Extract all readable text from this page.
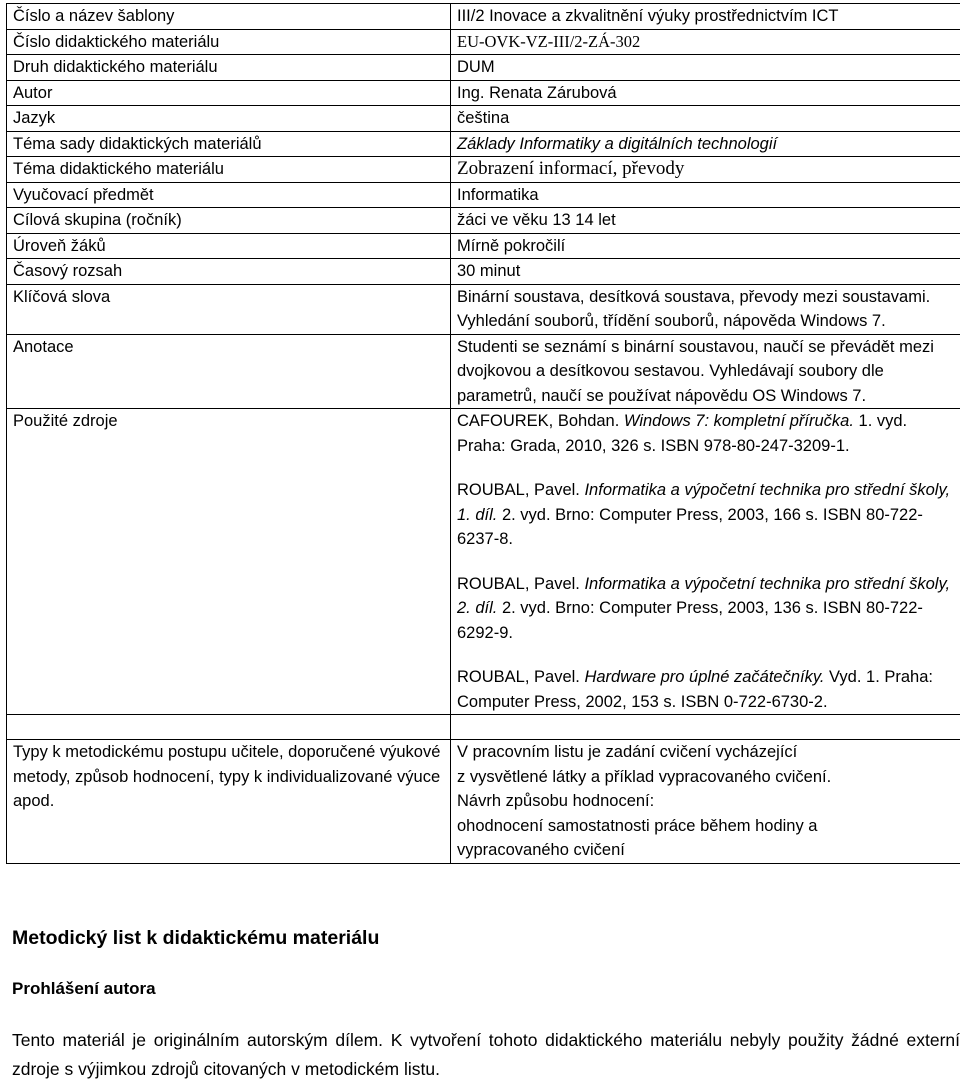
Číslo a název šablony	III/2 Inovace a zkvalitnění výuky prostřednictvím ICT
Číslo didaktického materiálu	EU-OVK-VZ-III/2-ZÁ-302
Druh didaktického materiálu	DUM
Autor	Ing. Renata Zárubová
Jazyk	čeština
Téma sady didaktických materiálů	Základy Informatiky a digitálních technologií
Téma didaktického materiálu	Zobrazení informací, převody
Vyučovací předmět	Informatika
Cílová skupina (ročník)	žáci ve věku 13 14 let
Úroveň žáků	Mírně pokročilí
Časový rozsah	30 minut
Klíčová slova	Binární soustava, desítková soustava, převody mezi soustavami. Vyhledání souborů, třídění souborů, nápověda Windows 7.
Anotace	Studenti se seznámí s binární soustavou, naučí se převádět mezi dvojkovou a desítkovou sestavou. Vyhledávají soubory dle parametrů, naučí se používat nápovědu OS Windows 7.
Použité zdroje	CAFOUREK, Bohdan. Windows 7: kompletní příručka. 1. vyd. Praha: Grada, 2010, 326 s. ISBN 978-80-247-3209-1.
ROUBAL, Pavel. Informatika a výpočetní technika pro střední školy, 1. díl. 2. vyd. Brno: Computer Press, 2003, 166 s. ISBN 80-722-6237-8.
ROUBAL, Pavel. Informatika a výpočetní technika pro střední školy, 2. díl. 2. vyd. Brno: Computer Press, 2003, 136 s. ISBN 80-722-6292-9.
ROUBAL, Pavel. Hardware pro úplné začátečníky. Vyd. 1. Praha: Computer Press, 2002, 153 s. ISBN 0-722-6730-2.

Typy k metodickému postupu učitele, doporučené výukové metody, způsob hodnocení, typy k individualizované výuce apod.	V pracovním listu je zadání cvičení vycházející
z vysvětlené látky a příklad vypracovaného cvičení.
Návrh způsobu hodnocení:
ohodnocení samostatnosti práce během hodiny a
vypracovaného cvičení
Metodický list k didaktickému materiálu
Prohlášení autora

Tento materiál je originálním autorským dílem. K vytvoření tohoto didaktického materiálu nebyly použity žádné externí zdroje s výjimkou zdrojů citovaných v metodickém listu.
